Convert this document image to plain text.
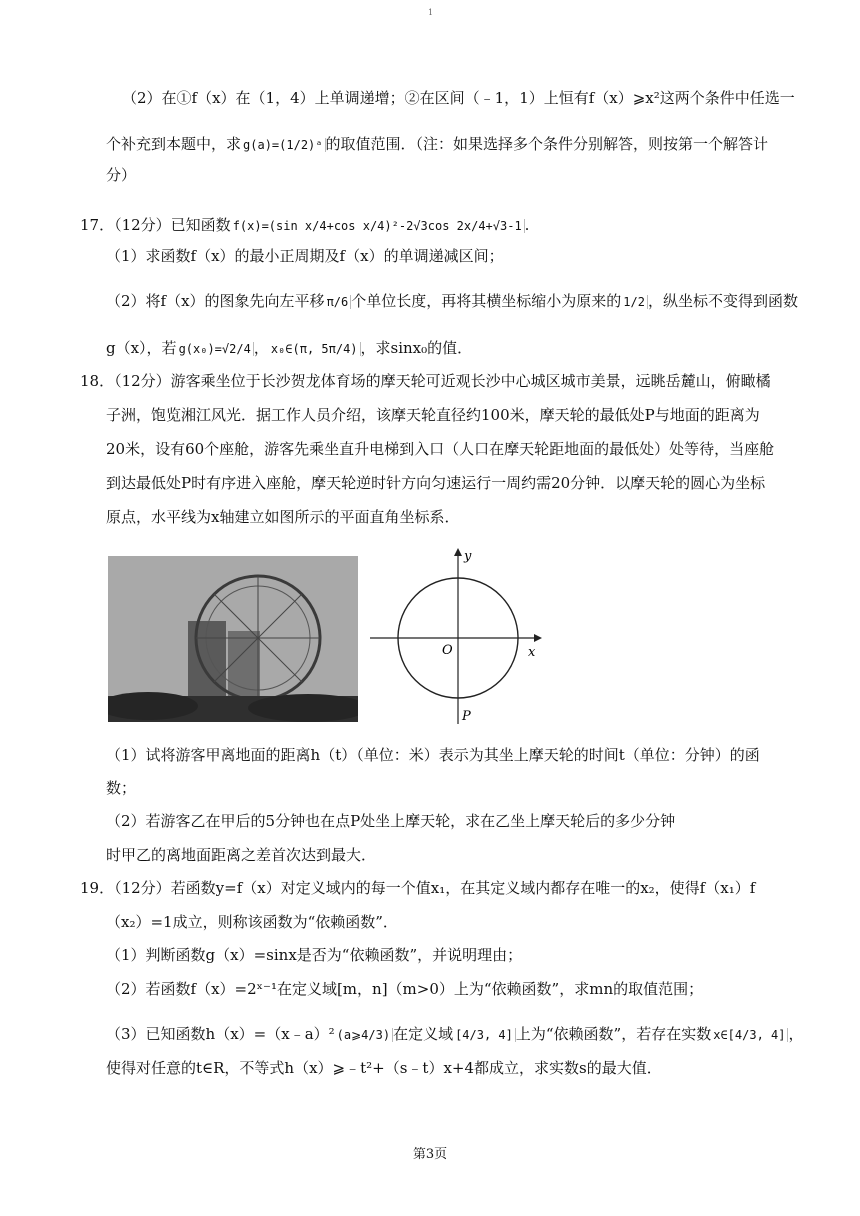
1
（2）在①f（x）在（1，4）上单调递增；②在区间（﹣1，1）上恒有f（x）⩾x²这两个条件中任选一
个补充到本题中，求 g(a)=(1/2)ᵃ 的取值范围．（注：如果选择多个条件分别解答，则按第一个解答计
分）
17．（12分）已知函数 f(x)=(sin x/4+cos x/4)²-2√3cos 2x/4+√3-1 .
（1）求函数f（x）的最小正周期及f（x）的单调递减区间；
（2）将f（x）的图象先向左平移 π/6 个单位长度，再将其横坐标缩小为原来的 1/2 ，纵坐标不变得到函数
g（x），若 g(x₀)=√2/4 ， x₀∈(π, 5π/4) ，求sinx₀的值．
18．（12分）游客乘坐位于长沙贺龙体育场的摩天轮可近观长沙中心城区城市美景，远眺岳麓山，俯瞰橘
子洲，饱览湘江风光．据工作人员介绍，该摩天轮直径约100米，摩天轮的最低处P与地面的距离为
20米，设有60个座舱，游客先乘坐直升电梯到入口（人口在摩天轮距地面的最低处）处等待，当座舱
到达最低处P时有序进入座舱，摩天轮逆时针方向匀速运行一周约需20分钟．以摩天轮的圆心为坐标
原点，水平线为x轴建立如图所示的平面直角坐标系．
y
x
O
P
（1）试将游客甲离地面的距离h（t）（单位：米）表示为其坐上摩天轮的时间t（单位：分钟）的函
数；
（2）若游客乙在甲后的5分钟也在点P处坐上摩天轮，求在乙坐上摩天轮后的多少分钟
时甲乙的离地面距离之差首次达到最大．
19．（12分）若函数y=f（x）对定义域内的每一个值x₁，在其定义域内都存在唯一的x₂，使得f（x₁）f
（x₂）=1成立，则称该函数为“依赖函数”．
（1）判断函数g（x）=sinx是否为“依赖函数”，并说明理由；
（2）若函数f（x）=2ˣ⁻¹在定义域[m，n]（m>0）上为“依赖函数”，求mn的取值范围；
（3）已知函数h（x）=（x﹣a）² (a⩾4/3) 在定义域 [4/3, 4] 上为“依赖函数”，若存在实数 x∈[4/3, 4] ，
使得对任意的t∈R，不等式h（x）⩾﹣t²+（s﹣t）x+4都成立，求实数s的最大值．
第3页
